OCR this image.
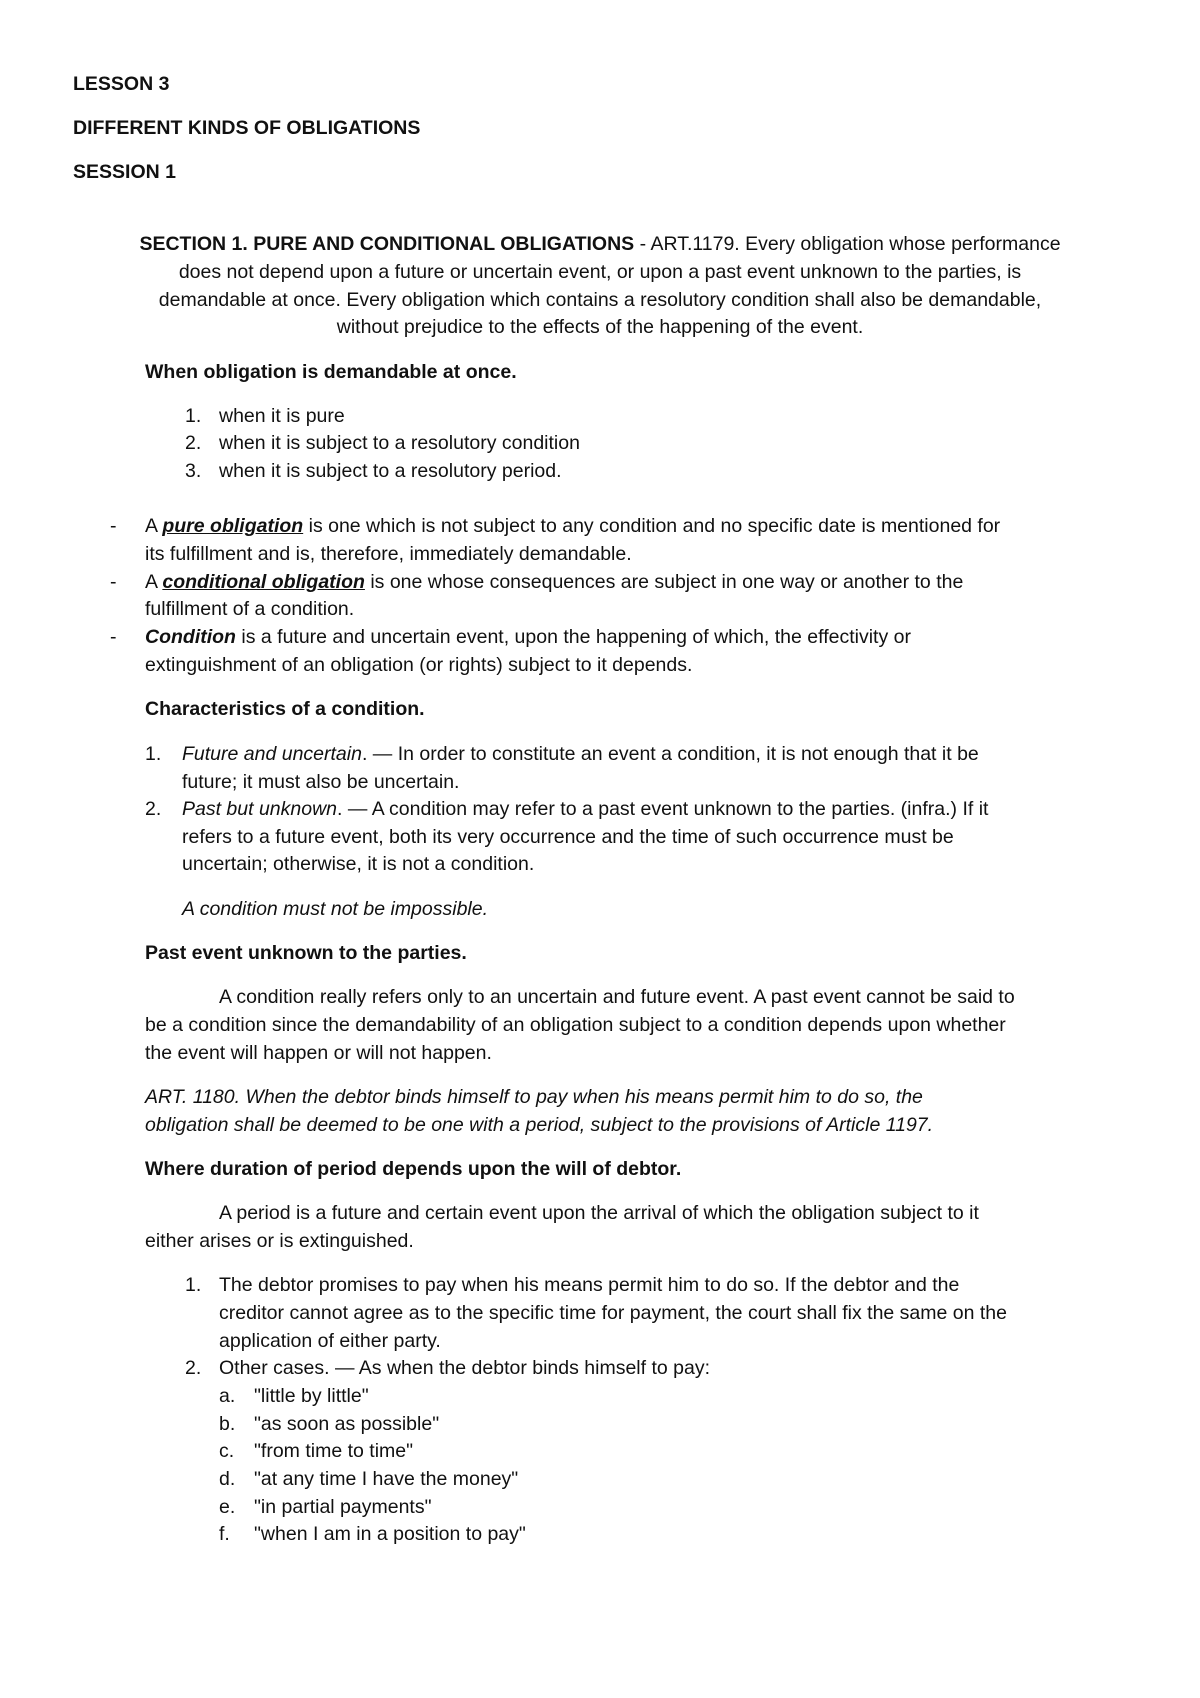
LESSON 3
DIFFERENT KINDS OF OBLIGATIONS
SESSION 1
SECTION 1. PURE AND CONDITIONAL OBLIGATIONS - ART.1179. Every obligation whose performance
does not depend upon a future or uncertain event, or upon a past event unknown to the parties, is
demandable at once. Every obligation which contains a resolutory condition shall also be demandable,
without prejudice to the effects of the happening of the event.
When obligation is demandable at once.
1. when it is pure
2. when it is subject to a resolutory condition
3. when it is subject to a resolutory period.
- A pure obligation is one which is not subject to any condition and no specific date is mentioned for
its fulfillment and is, therefore, immediately demandable.
- A conditional obligation is one whose consequences are subject in one way or another to the
fulfillment of a condition.
- Condition is a future and uncertain event, upon the happening of which, the effectivity or
extinguishment of an obligation (or rights) subject to it depends.
Characteristics of a condition.
1. Future and uncertain. — In order to constitute an event a condition, it is not enough that it be
future; it must also be uncertain.
2. Past but unknown. — A condition may refer to a past event unknown to the parties. (infra.) If it
refers to a future event, both its very occurrence and the time of such occurrence must be
uncertain; otherwise, it is not a condition.
A condition must not be impossible.
Past event unknown to the parties.
A condition really refers only to an uncertain and future event. A past event cannot be said to
be a condition since the demandability of an obligation subject to a condition depends upon whether
the event will happen or will not happen.
ART. 1180. When the debtor binds himself to pay when his means permit him to do so, the
obligation shall be deemed to be one with a period, subject to the provisions of Article 1197.
Where duration of period depends upon the will of debtor.
A period is a future and certain event upon the arrival of which the obligation subject to it
either arises or is extinguished.
1. The debtor promises to pay when his means permit him to do so. If the debtor and the
creditor cannot agree as to the specific time for payment, the court shall fix the same on the
application of either party.
2. Other cases. — As when the debtor binds himself to pay:
a. "little by little"
b. "as soon as possible"
c. "from time to time"
d. "at any time I have the money"
e. "in partial payments"
f. "when I am in a position to pay"
